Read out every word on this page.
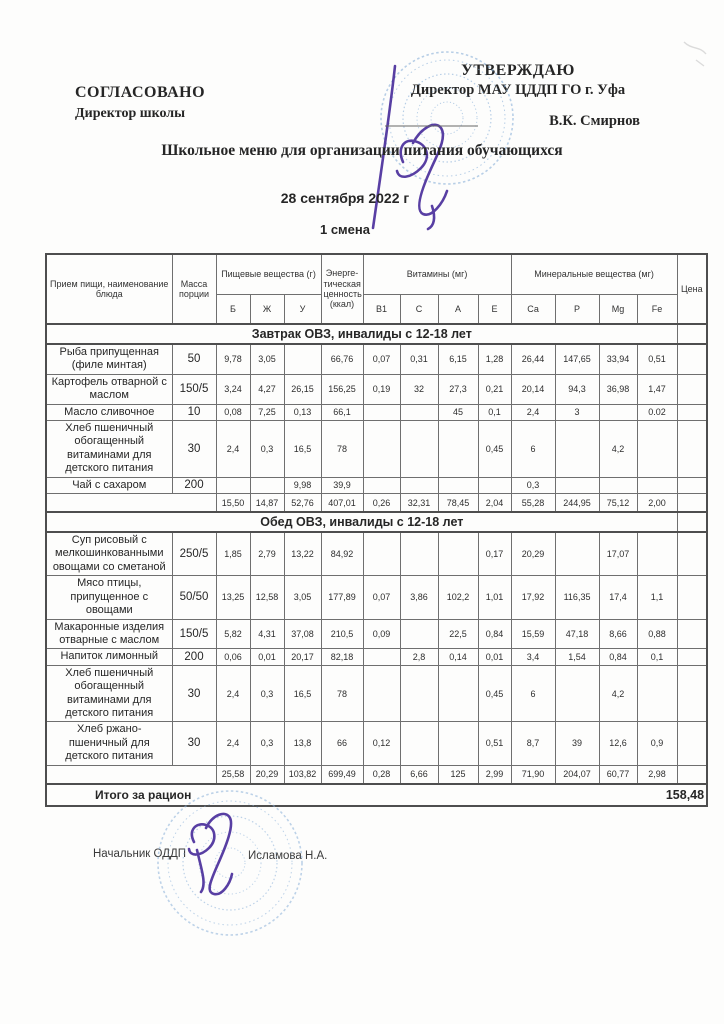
СОГЛАСОВАНО
Директор школы
УТВЕРЖДАЮ
Директор МАУ ЦДДП ГО г. Уфа
В.К. Смирнов
Школьное меню для организации питания обучающихся
28 сентября 2022 г
1 смена
Прием пищи, наименование блюда	Масса порции	Пищевые вещества (г)			Энергетическая ценность (ккал)	Витамины (мг)				Минеральные вещества (мг)				Цена
		Б	Ж	У		B1	C	A	E	Са	Р	Mg	Fe	
Завтрак ОВЗ, инвалиды с 12-18 лет														
Рыба припущенная (филе минтая)	50	9,78	3,05		66,76	0,07	0,31	6,15	1,28	26,44	147,65	33,94	0,51	
Картофель отварной с маслом	150/5	3,24	4,27	26,15	156,25	0,19	32	27,3	0,21	20,14	94,3	36,98	1,47	
Масло сливочное	10	0,08	7,25	0,13	66,1			45	0,1	2,4	3		0.02	
Хлеб пшеничный обогащенный витаминами для детского питания	30	2,4	0,3	16,5	78				0,45	6		4,2		
Чай с сахаром	200			9,98	39,9					0,3				
		15,50	14,87	52,76	407,01	0,26	32,31	78,45	2,04	55,28	244,95	75,12	2,00	
Обед ОВЗ, инвалиды с 12-18 лет														
Суп рисовый с мелкошинкованными овощами со сметаной	250/5	1,85	2,79	13,22	84,92				0,17	20,29		17,07		
Мясо птицы, припущенное с овощами	50/50	13,25	12,58	3,05	177,89	0,07	3,86	102,2	1,01	17,92	116,35	17,4	1,1	
Макаронные изделия отварные с маслом	150/5	5,82	4,31	37,08	210,5	0,09		22,5	0,84	15,59	47,18	8,66	0,88	
Напиток лимонный	200	0,06	0,01	20,17	82,18		2,8	0,14	0,01	3,4	1,54	0,84	0,1	
Хлеб пшеничный обогащенный витаминами для детского питания	30	2,4	0,3	16,5	78				0,45	6		4,2		
Хлеб ржано-пшеничный для детского питания	30	2,4	0,3	13,8	66	0,12			0,51	8,7	39	12,6	0,9	
		25,58	20,29	103,82	699,49	0,28	6,66	125	2,99	71,90	204,07	60,77	2,98	

Итого за рацион 158,48														
Начальник ОДДП	Исламова Н.А.
